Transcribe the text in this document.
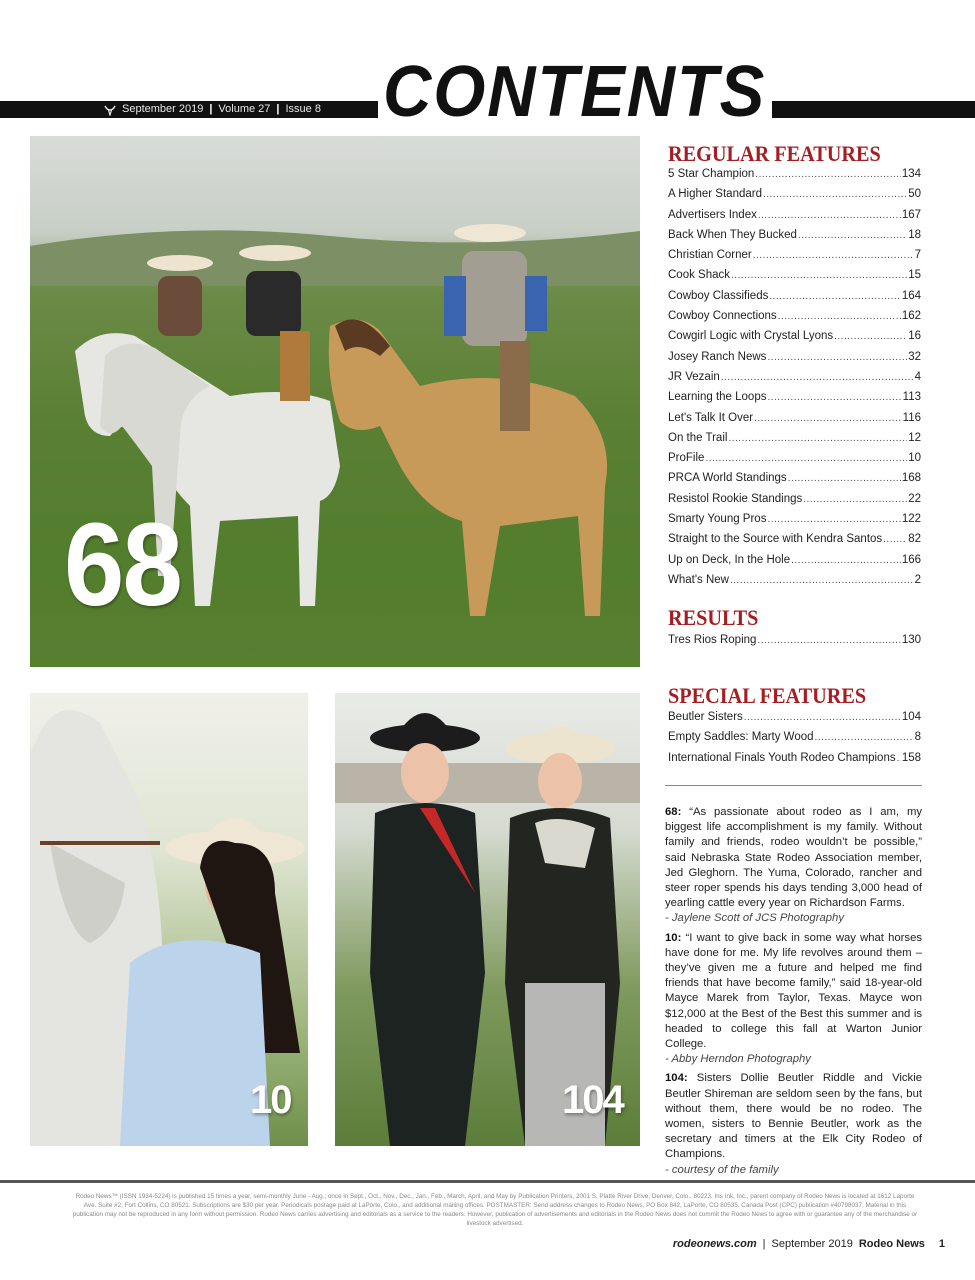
September 2019 | Volume 27 | Issue 8 CONTENTS
68
10	104
REGULAR FEATURES
5 Star Champion .....	134
A Higher Standard .....	50
Advertisers Index .....	167
Back When They Bucked .....	18
Christian Corner .....	7
Cook Shack .....	15
Cowboy Classifieds .....	164
Cowboy Connections .....	162
Cowgirl Logic with Crystal Lyons .....	16
Josey Ranch News .....	32
JR Vezain .....	4
Learning the Loops .....	113
Let's Talk It Over .....	116
On the Trail .....	12
ProFile .....	10
PRCA World Standings .....	168
Resistol Rookie Standings .....	22
Smarty Young Pros .....	122
Straight to the Source with Kendra Santos ..... 82
Up on Deck, In the Hole .....	166
What's New .....	2
RESULTS
Tres Rios Roping .....	130
SPECIAL FEATURES
Beutler Sisters .....	104
Empty Saddles: Marty Wood .....	8
International Finals Youth Rodeo Champions ..... 158

68: “As passionate about rodeo as I am, my biggest life accomplishment is my family. Without family and friends, rodeo wouldn’t be possible,” said Nebraska State Rodeo Association member, Jed Gleghorn. The Yuma, Colorado, rancher and steer roper spends his days tending 3,000 head of yearling cattle every year on Richardson Farms.
- Jaylene Scott of JCS Photography

10: “I want to give back in some way what horses have done for me. My life revolves around them – they’ve given me a future and helped me find friends that have become family,” said 18-year-old Mayce Marek from Taylor, Texas. Mayce won $12,000 at the Best of the Best this summer and is headed to college this fall at Warton Junior College.
- Abby Herndon Photography

104: Sisters Dollie Beutler Riddle and Vickie Beutler Shireman are seldom seen by the fans, but without them, there would be no rodeo. The women, sisters to Bennie Beutler, work as the secretary and timers at the Elk City Rodeo of Champions.
- courtesy of the family

Rodeo News™ (ISSN 1934-5224) is published 15 times a year, semi-monthly June - Aug.; once in Sept., Oct., Nov., Dec., Jan., Feb., March, April, and May by Publication Printers, 2001 S. Platte River Drive, Denver, Colo., 80223. Ins Ink, Inc., parent company of Rodeo News is located at 1612 Laporte Ave. Suite #2, Fort Collins, CO 80521. Subscriptions are $30 per year. Periodicals postage paid at LaPorte, Colo., and additional mailing offices. POSTMASTER: Send address changes to Rodeo News, PO Box 842, LaPorte, CO 80535. Canada Post (CPC) publication #40798037. Material in this publication may not be reproduced in any form without permission. Rodeo News carries advertising and editorials as a service to the readers. However, publication of advertisements and editorials in the Rodeo News does not commit the Rodeo News to agree with or guarantee any of the merchandise or livestock advertised.
rodeonews.com | September 2019 Rodeo News 1
